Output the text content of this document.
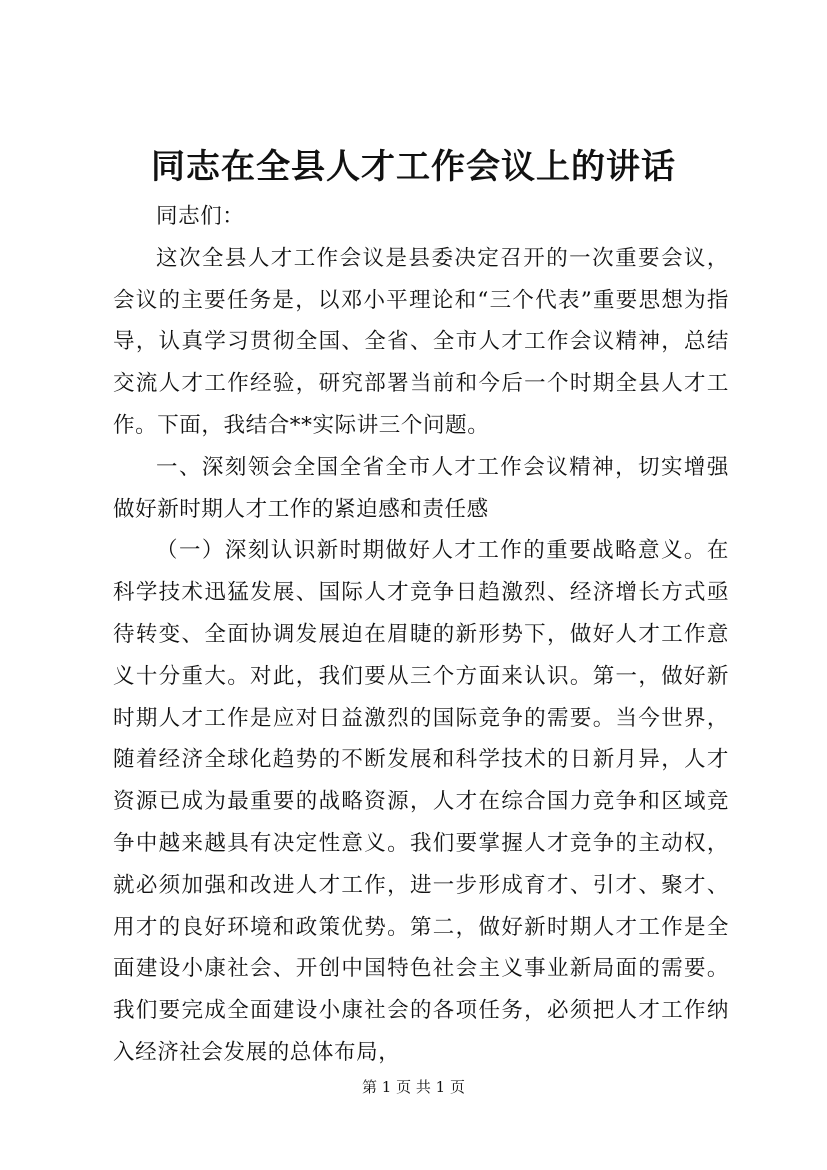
同志在全县人才工作会议上的讲话

同志们：

这次全县人才工作会议是县委决定召开的一次重要会议，会议的主要任务是，以邓小平理论和“三个代表”重要思想为指导，认真学习贯彻全国、全省、全市人才工作会议精神，总结交流人才工作经验，研究部署当前和今后一个时期全县人才工作。下面，我结合**实际讲三个问题。

一、深刻领会全国全省全市人才工作会议精神，切实增强做好新时期人才工作的紧迫感和责任感

（一）深刻认识新时期做好人才工作的重要战略意义。在科学技术迅猛发展、国际人才竞争日趋激烈、经济增长方式亟待转变、全面协调发展迫在眉睫的新形势下，做好人才工作意义十分重大。对此，我们要从三个方面来认识。第一，做好新时期人才工作是应对日益激烈的国际竞争的需要。当今世界，随着经济全球化趋势的不断发展和科学技术的日新月异，人才资源已成为最重要的战略资源，人才在综合国力竞争和区域竞争中越来越具有决定性意义。我们要掌握人才竞争的主动权，就必须加强和改进人才工作，进一步形成育才、引才、聚才、用才的良好环境和政策优势。第二，做好新时期人才工作是全面建设小康社会、开创中国特色社会主义事业新局面的需要。我们要完成全面建设小康社会的各项任务，必须把人才工作纳入经济社会发展的总体布局，

第 1 页 共 1 页
